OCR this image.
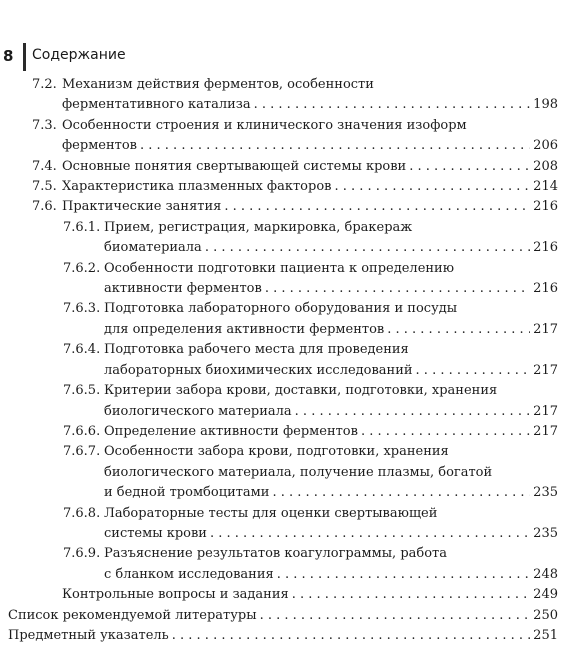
8 Содержание
7.2. Механизм действия ферментов, особенности
ферментативного катализа . . .	198
7.3. Особенности строения и клинического значения изоформ
ферментов . . .	206
7.4. Основные понятия свертывающей системы крови . . .	208
7.5. Характеристика плазменных факторов . . .	214
7.6. Практические занятия . . .	216
7.6.1. Прием, регистрация, маркировка, бракераж
биоматериала . . .	216
7.6.2. Особенности подготовки пациента к определению
активности ферментов . . .	216
7.6.3. Подготовка лабораторного оборудования и посуды
для определения активности ферментов . . .	217
7.6.4. Подготовка рабочего места для проведения
лабораторных биохимических исследований . . .	217
7.6.5. Критерии забора крови, доставки, подготовки, хранения
биологического материала . . .	217
7.6.6. Определение активности ферментов . . .	217
7.6.7. Особенности забора крови, подготовки, хранения
биологического материала, получение плазмы, богатой
и бедной тромбоцитами . . .	235
7.6.8. Лабораторные тесты для оценки свертывающей
системы крови . . .	235
7.6.9. Разъяснение результатов коагулограммы, работа
с бланком исследования . . .	248
Контрольные вопросы и задания . . .	249
Список рекомендуемой литературы . . .	250
Предметный указатель . . .	251
